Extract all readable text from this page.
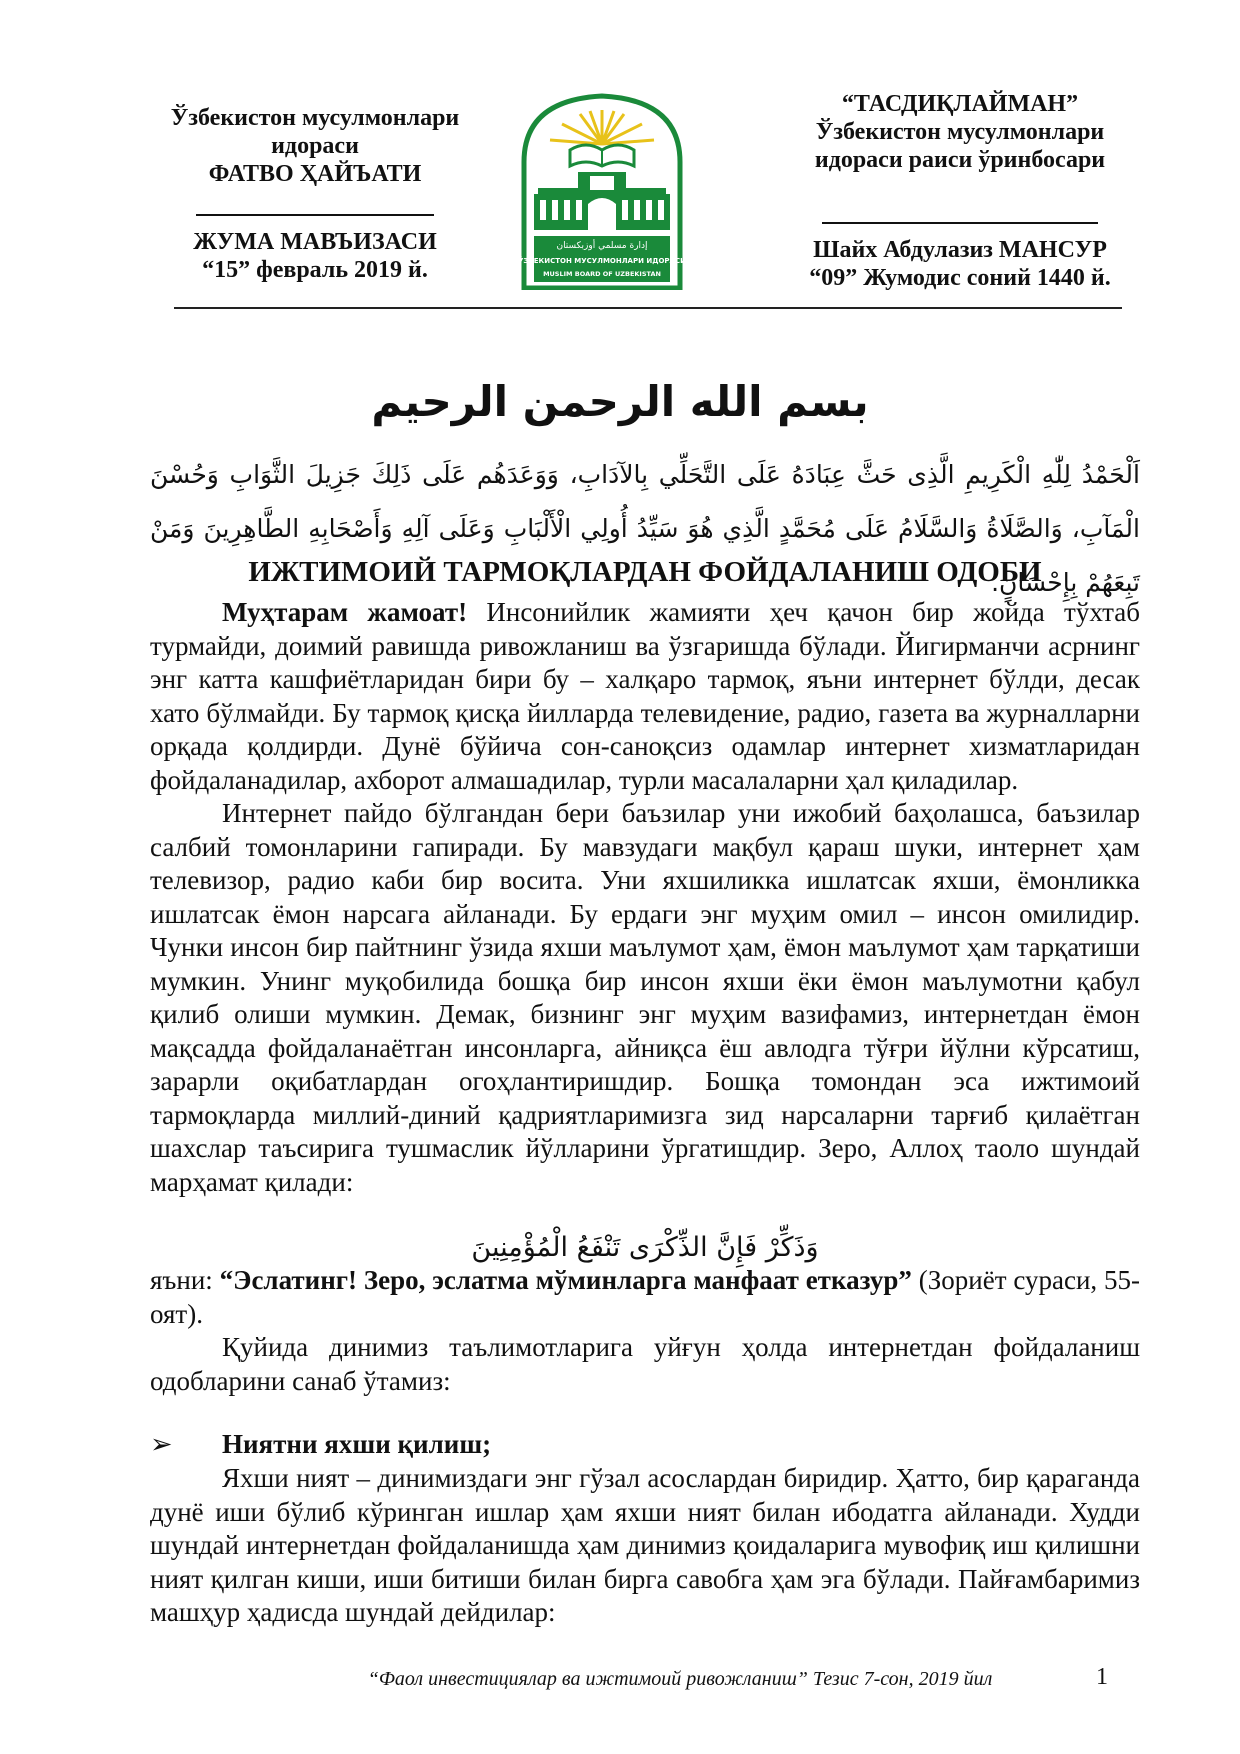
Ўзбекистон мусулмонлари
идораси
ФАТВО ҲАЙЪАТИ
ЖУМА МАВЪИЗАСИ
“15” февраль 2019 й.
إدارة مسلمي أوزبكستان
ЎЗБЕКИСТОН МУСУЛМОНЛАРИ ИДОРАСИ
MUSLIM BOARD OF UZBEKISTAN
“ТАСДИҚЛАЙМАН”
Ўзбекистон мусулмонлари
идораси раиси ўринбосари
Шайх Абдулазиз МАНСУР
“09” Жумодис соний 1440 й.
بسم الله الرحمن الرحيم
اَلْحَمْدُ لِلّٰهِ الْكَرِيمِ الَّذِى حَثَّ عِبَادَهُ عَلَى التَّحَلِّي بِالآدَابِ، وَوَعَدَهُم عَلَى ذَلِكَ جَزِيلَ الثَّوَابِ وَحُسْنَ الْمَآبِ، وَالصَّلَاةُ وَالسَّلَامُ عَلَى مُحَمَّدٍ الَّذِي هُوَ سَيِّدُ أُولِي الْأَلْبَابِ وَعَلَى آلِهِ وَأَصْحَابِهِ الطَّاهِرِينَ وَمَنْ تَبِعَهُمْ بِإِحْسَانٍ.
ИЖТИМОИЙ ТАРМОҚЛАРДАН ФОЙДАЛАНИШ ОДОБИ

Муҳтарам жамоат! Инсонийлик жамияти ҳеч қачон бир жойда тўхтаб турмайди, доимий равишда ривожланиш ва ўзгаришда бўлади. Йигирманчи асрнинг энг катта кашфиётларидан бири бу – халқаро тармоқ, яъни интернет бўлди, десак хато бўлмайди. Бу тармоқ қисқа йилларда телевидение, радио, газета ва журналларни орқада қолдирди. Дунё бўйича сон-саноқсиз одамлар интернет хизматларидан фойдаланадилар, ахборот алмашадилар, турли масалаларни ҳал қиладилар.

Интернет пайдо бўлгандан бери баъзилар уни ижобий баҳолашса, баъзилар салбий томонларини гапиради. Бу мавзудаги мақбул қараш шуки, интернет ҳам телевизор, радио каби бир восита. Уни яхшиликка ишлатсак яхши, ёмонликка ишлатсак ёмон нарсага айланади. Бу ердаги энг муҳим омил – инсон омилидир. Чунки инсон бир пайтнинг ўзида яхши маълумот ҳам, ёмон маълумот ҳам тарқатиши мумкин. Унинг муқобилида бошқа бир инсон яхши ёки ёмон маълумотни қабул қилиб олиши мумкин. Демак, бизнинг энг муҳим вазифамиз, интернетдан ёмон мақсадда фойдаланаётган инсонларга, айниқса ёш авлодга тўғри йўлни кўрсатиш, зарарли оқибатлардан огоҳлантиришдир. Бошқа томондан эса ижтимоий тармоқларда миллий-диний қадриятларимизга зид нарсаларни тарғиб қилаётган шахслар таъсирига тушмаслик йўлларини ўргатишдир. Зеро, Аллоҳ таоло шундай марҳамат қилади:

وَذَكِّرْ فَإِنَّ الذِّكْرَى تَنْفَعُ الْمُؤْمِنِينَ

яъни: “Эслатинг! Зеро, эслатма мўминларга манфаат етказур” (Зориёт сураси, 55-оят).

Қуйида динимиз таълимотларига уйғун ҳолда интернетдан фойдаланиш одобларини санаб ўтамиз:

➢ Ниятни яхши қилиш;

Яхши ният – динимиздаги энг гўзал асослардан биридир. Ҳатто, бир қараганда дунё иши бўлиб кўринган ишлар ҳам яхши ният билан ибодатга айланади. Худди шундай интернетдан фойдаланишда ҳам динимиз қоидаларига мувофиқ иш қилишни ният қилган киши, иши битиши билан бирга савобга ҳам эга бўлади. Пайғамбаримиз машҳур ҳадисда шундай дейдилар:

“Фаол инвестициялар ва ижтимоий ривожланиш” Тезис 7-сон, 2019 йил	1
